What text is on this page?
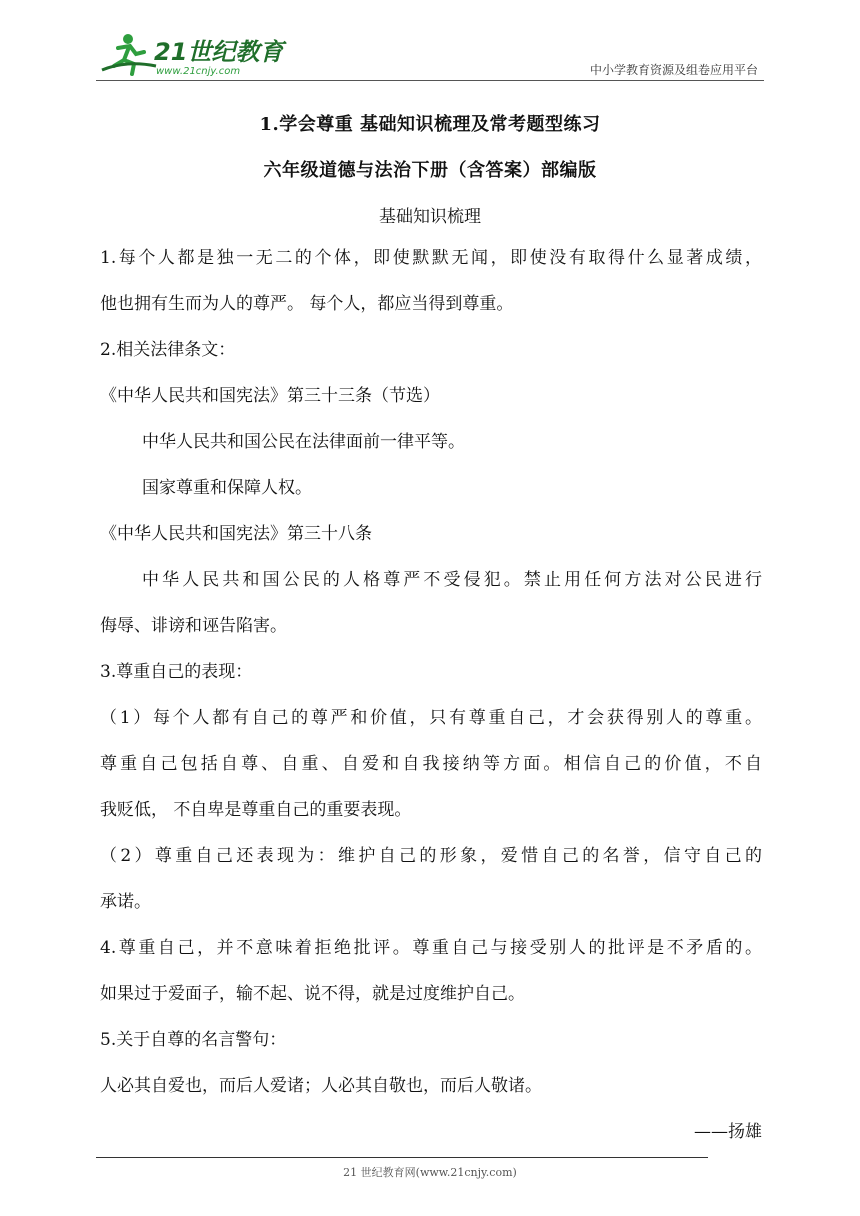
21世纪教育
www.21cnjy.com	中小学教育资源及组卷应用平台
1.学会尊重 基础知识梳理及常考题型练习
六年级道德与法治下册（含答案）部编版
基础知识梳理
1.每个人都是独一无二的个体，即使默默无闻，即使没有取得什么显著成绩，
他也拥有生而为人的尊严。 每个人，都应当得到尊重。
2.相关法律条文：
《中华人民共和国宪法》第三十三条（节选）
中华人民共和国公民在法律面前一律平等。
国家尊重和保障人权。
《中华人民共和国宪法》第三十八条
中华人民共和国公民的人格尊严不受侵犯。禁止用任何方法对公民进行
侮辱、诽谤和诬告陷害。
3.尊重自己的表现：
（1）每个人都有自己的尊严和价值，只有尊重自己，才会获得别人的尊重。
尊重自己包括自尊、自重、自爱和自我接纳等方面。相信自己的价值，不自
我贬低， 不自卑是尊重自己的重要表现。
（2）尊重自己还表现为：维护自己的形象，爱惜自己的名誉，信守自己的
承诺。
4.尊重自己，并不意味着拒绝批评。尊重自己与接受别人的批评是不矛盾的。
如果过于爱面子，输不起、说不得，就是过度维护自己。
5.关于自尊的名言警句：
人必其自爱也，而后人爱诸；人必其自敬也，而后人敬诸。
——扬雄
21 世纪教育网(www.21cnjy.com)
